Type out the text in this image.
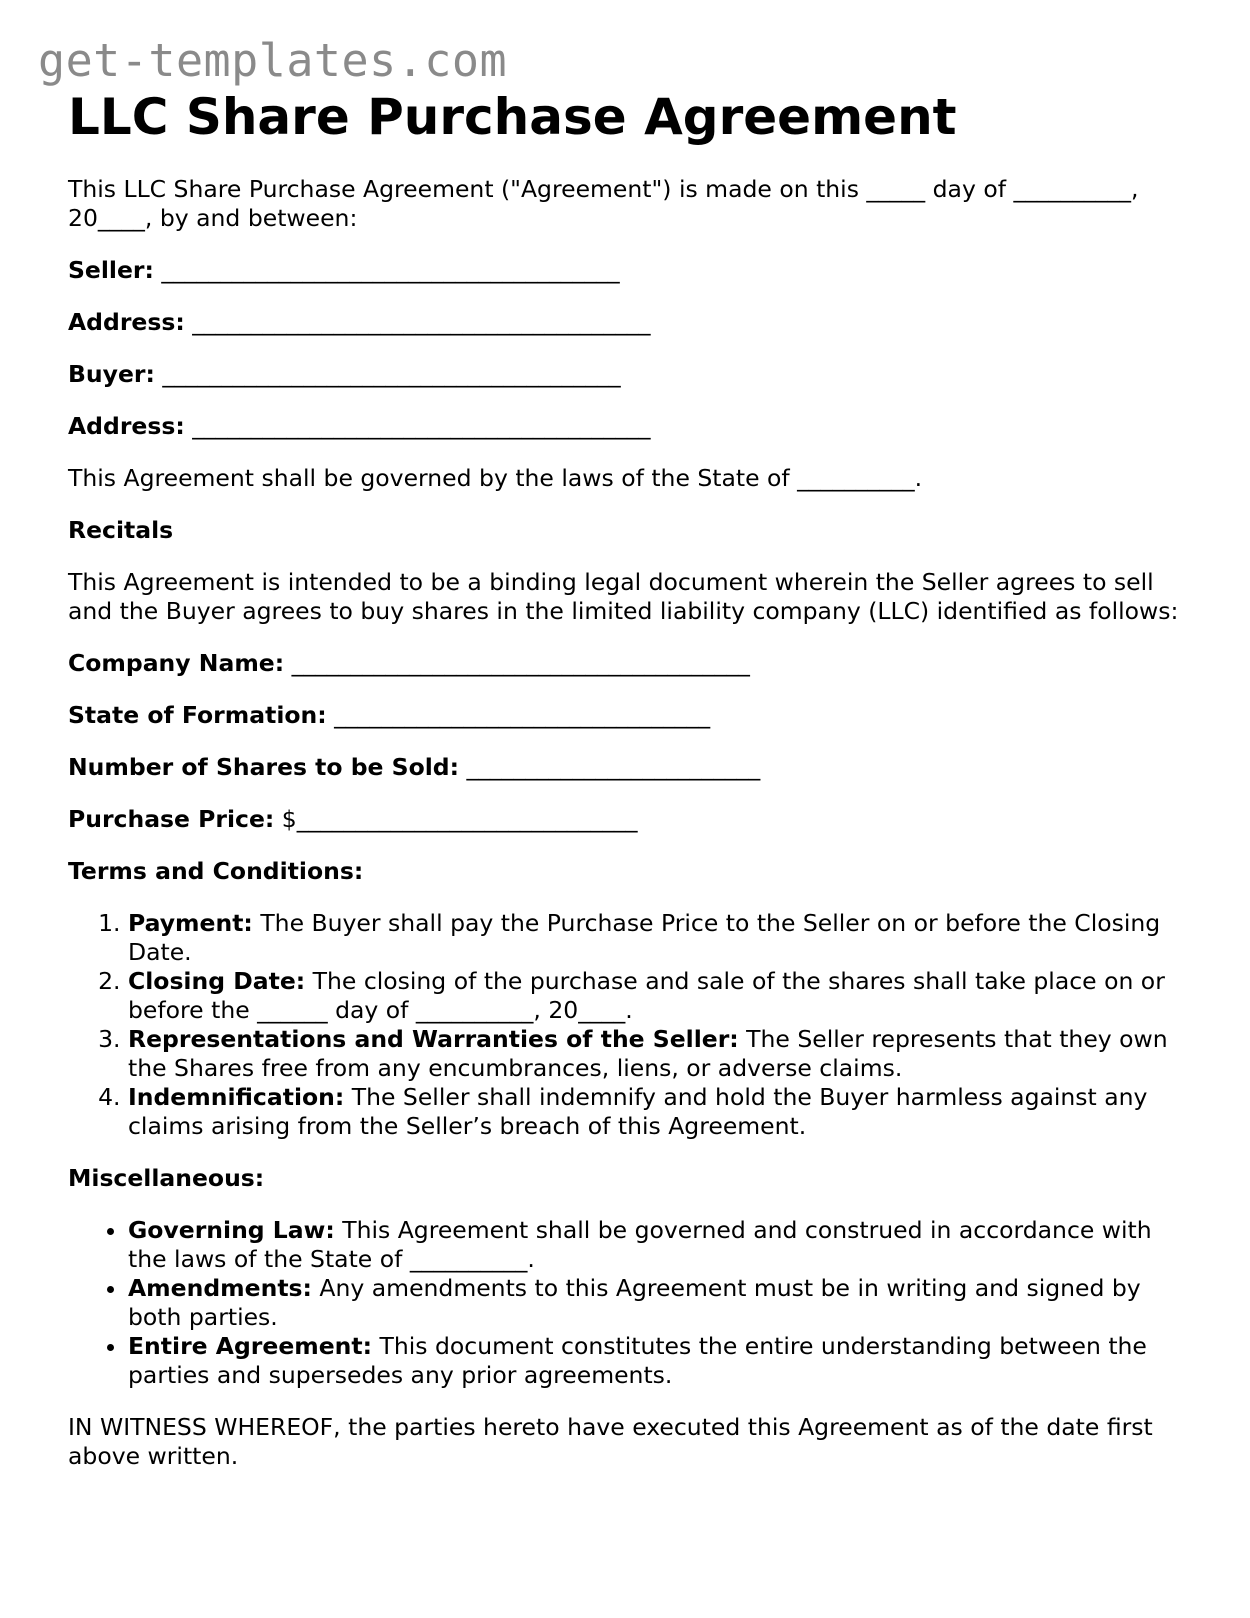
get-templates.com
LLC Share Purchase Agreement

This LLC Share Purchase Agreement ("Agreement") is made on this _____ day of __________, 20____, by and between:

Seller: _______________________________________

Address: _______________________________________

Buyer: _______________________________________

Address: _______________________________________

This Agreement shall be governed by the laws of the State of __________.

Recitals

This Agreement is intended to be a binding legal document wherein the Seller agrees to sell and the Buyer agrees to buy shares in the limited liability company (LLC) identified as follows:

Company Name: _______________________________________

State of Formation: ________________________________

Number of Shares to be Sold: _________________________

Purchase Price: $_____________________________

Terms and Conditions:

1. Payment: The Buyer shall pay the Purchase Price to the Seller on or before the Closing Date.
2. Closing Date: The closing of the purchase and sale of the shares shall take place on or before the ______ day of __________, 20____.
3. Representations and Warranties of the Seller: The Seller represents that they own the Shares free from any encumbrances, liens, or adverse claims.
4. Indemnification: The Seller shall indemnify and hold the Buyer harmless against any claims arising from the Seller’s breach of this Agreement.

Miscellaneous:

• Governing Law: This Agreement shall be governed and construed in accordance with the laws of the State of __________.
• Amendments: Any amendments to this Agreement must be in writing and signed by both parties.
• Entire Agreement: This document constitutes the entire understanding between the parties and supersedes any prior agreements.

IN WITNESS WHEREOF, the parties hereto have executed this Agreement as of the date first above written.
